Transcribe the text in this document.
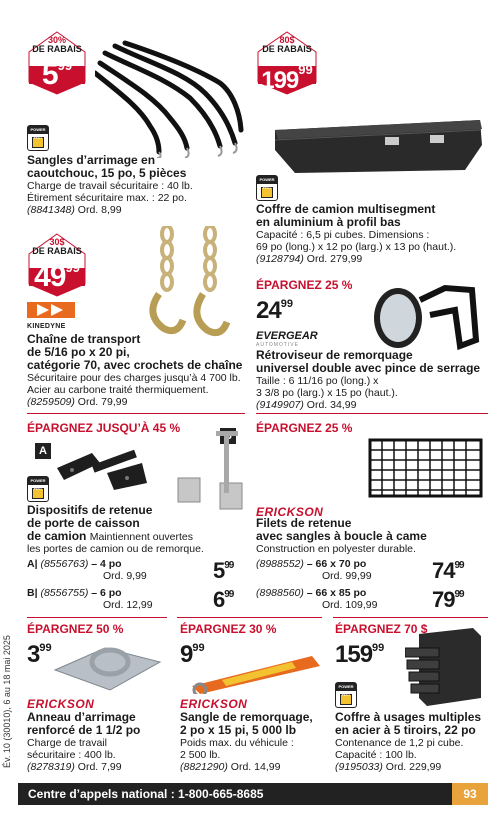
30%
DE RABAIS
$5^{99}$
POWER FIST
Sangles d’arrimage en
caoutchouc, 15 po, 5 pièces
Charge de travail sécuritaire : 40 lb.
Étirement sécuritaire max. : 22 po.
(8841348) Ord. 8,99
80$
DE RABAIS
$199^{99}$
POWER FIST
Coffre de camion multisegment
en aluminium à profil bas
Capacité : 6,5 pi cubes. Dimensions :
69 po (long.) x 12 po (larg.) x 13 po (haut.).
(9128794) Ord. 279,99
30$
DE RABAIS
$49^{99}$
KINEDYNE
Chaîne de transport
de 5/16 po x 20 pi,
catégorie 70, avec crochets de chaîne
Sécuritaire pour des charges jusqu’à 4 700 lb.
Acier au carbone traité thermiquement.
(8259509) Ord. 79,99
ÉPARGNEZ 25 %
$24^{99}$
EVERGEAR
AUTOMOTIVE
Rétroviseur de remorquage
universel double avec pince de serrage
Taille : 6 11/16 po (long.) x
3 3/8 po (larg.) x 15 po (haut.).
(9149907) Ord. 34,99
ÉPARGNEZ JUSQU’À 45 %
A
POWER FIST
Dispositifs de retenue
de porte de caisson
de camion Maintiennent ouvertes
les portes de camion ou de remorque.
A| (8556763) – 4 po
Ord. 9,99	$5^{99}$
B| (8556755) – 6 po
Ord. 12,99	$6^{99}$
ÉPARGNEZ 25 %
ERICKSON
Filets de retenue
avec sangles à boucle à came
Construction en polyester durable.
(8988552) – 66 x 70 po
Ord. 99,99	$74^{99}$
(8988560) – 66 x 85 po
Ord. 109,99 $79^{99}$
Év. 10 (30010), 6 au 18 mai 2025
ÉPARGNEZ 50 %
$3^{99}$
ERICKSON
Anneau d’arrimage
renforcé de 1 1/2 po
Charge de travail
sécuritaire : 400 lb.
(8278319) Ord. 7,99
ÉPARGNEZ 30 %
$9^{99}$
ERICKSON
Sangle de remorquage,
2 po x 15 pi, 5 000 lb
Poids max. du véhicule :
2 500 lb.
(8821290) Ord. 14,99
ÉPARGNEZ 70 $
$159^{99}$
POWER FIST
Coffre à usages multiples
en acier à 5 tiroirs, 22 po
Contenance de 1,2 pi cube.
Capacité : 100 lb.
(9195033) Ord. 229,99
Centre d’appels national : 1-800-665-8685	93
